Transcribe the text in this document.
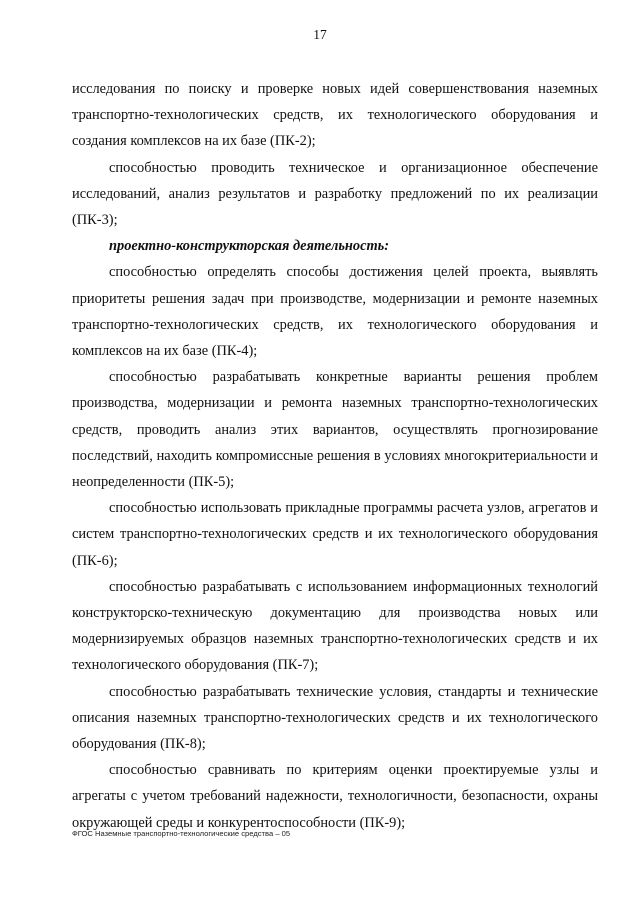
17

исследования по поиску и проверке новых идей совершенствования наземных транспортно-технологических средств, их технологического оборудования и создания комплексов на их базе (ПК-2);

способностью проводить техническое и организационное обеспечение исследований, анализ результатов и разработку предложений по их реализации (ПК-3);

проектно-конструкторская деятельность:

способностью определять способы достижения целей проекта, выявлять приоритеты решения задач при производстве, модернизации и ремонте наземных транспортно-технологических средств, их технологического оборудования и комплексов на их базе (ПК-4);

способностью разрабатывать конкретные варианты решения проблем производства, модернизации и ремонта наземных транспортно-технологических средств, проводить анализ этих вариантов, осуществлять прогнозирование последствий, находить компромиссные решения в условиях многокритериальности и неопределенности (ПК-5);

способностью использовать прикладные программы расчета узлов, агрегатов и систем транспортно-технологических средств и их технологического оборудования (ПК-6);

способностью разрабатывать с использованием информационных технологий конструкторско-техническую документацию для производства новых или модернизируемых образцов наземных транспортно-технологических средств и их технологического оборудования (ПК-7);

способностью разрабатывать технические условия, стандарты и технические описания наземных транспортно-технологических средств и их технологического оборудования (ПК-8);

способностью сравнивать по критериям оценки проектируемые узлы и агрегаты с учетом требований надежности, технологичности, безопасности, охраны окружающей среды и конкурентоспособности (ПК-9);

ФГОС Наземные транспортно-технологические средства – 05
